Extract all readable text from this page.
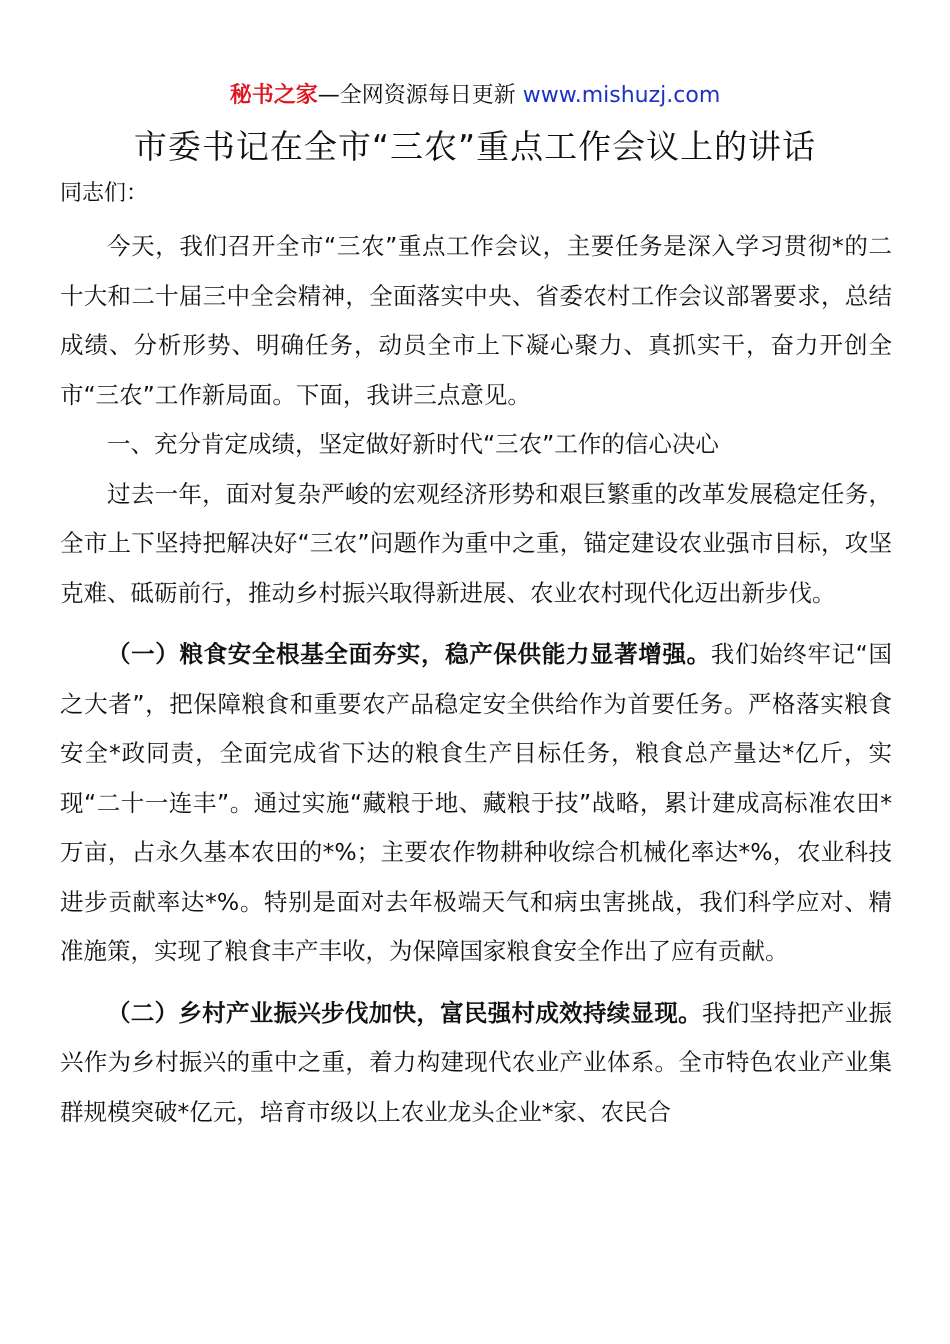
秘书之家—全网资源每日更新 www.mishuzj.com
市委书记在全市“三农”重点工作会议上的讲话
同志们：

今天，我们召开全市“三农”重点工作会议，主要任务是深入学习贯彻*的二十大和二十届三中全会精神，全面落实中央、省委农村工作会议部署要求，总结成绩、分析形势、明确任务，动员全市上下凝心聚力、真抓实干，奋力开创全市“三农”工作新局面。下面，我讲三点意见。

一、充分肯定成绩，坚定做好新时代“三农”工作的信心决心

过去一年，面对复杂严峻的宏观经济形势和艰巨繁重的改革发展稳定任务，全市上下坚持把解决好“三农”问题作为重中之重，锚定建设农业强市目标，攻坚克难、砥砺前行，推动乡村振兴取得新进展、农业农村现代化迈出新步伐。

（一）粮食安全根基全面夯实，稳产保供能力显著增强。我们始终牢记“国之大者”，把保障粮食和重要农产品稳定安全供给作为首要任务。严格落实粮食安全*政同责，全面完成省下达的粮食生产目标任务，粮食总产量达*亿斤，实现“二十一连丰”。通过实施“藏粮于地、藏粮于技”战略，累计建成高标准农田*万亩，占永久基本农田的*%；主要农作物耕种收综合机械化率达*%，农业科技进步贡献率达*%。特别是面对去年极端天气和病虫害挑战，我们科学应对、精准施策，实现了粮食丰产丰收，为保障国家粮食安全作出了应有贡献。

（二）乡村产业振兴步伐加快，富民强村成效持续显现。我们坚持把产业振兴作为乡村振兴的重中之重，着力构建现代农业产业体系。全市特色农业产业集群规模突破*亿元，培育市级以上农业龙头企业*家、农民合
